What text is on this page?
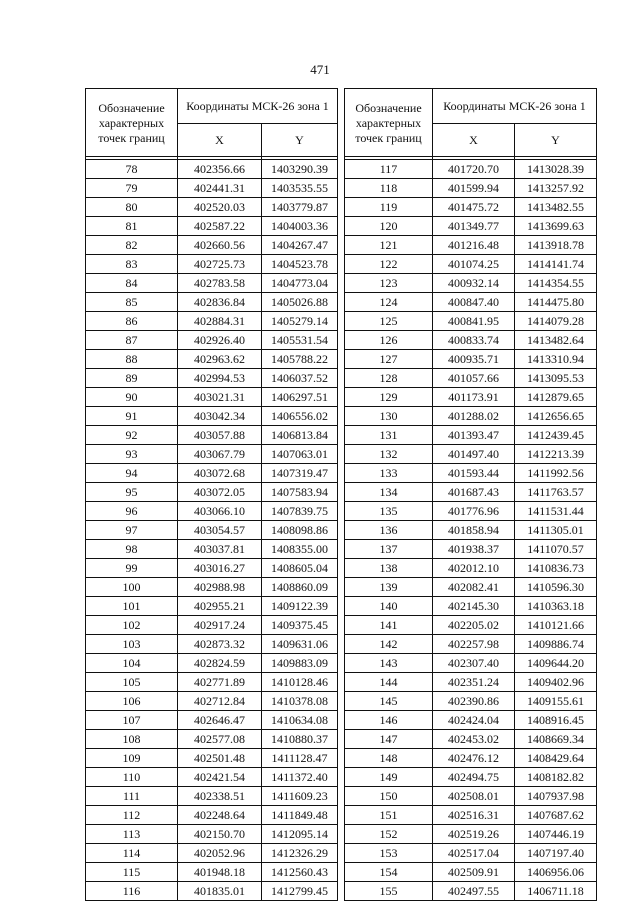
471
Обозначение характерных точек границ	Координаты МСК-26 зона 1	
	X	Y

78	402356.66	1403290.39
79	402441.31	1403535.55
80	402520.03	1403779.87
81	402587.22	1404003.36
82	402660.56	1404267.47
83	402725.73	1404523.78
84	402783.58	1404773.04
85	402836.84	1405026.88
86	402884.31	1405279.14
87	402926.40	1405531.54
88	402963.62	1405788.22
89	402994.53	1406037.52
90	403021.31	1406297.51
91	403042.34	1406556.02
92	403057.88	1406813.84
93	403067.79	1407063.01
94	403072.68	1407319.47
95	403072.05	1407583.94
96	403066.10	1407839.75
97	403054.57	1408098.86
98	403037.81	1408355.00
99	403016.27	1408605.04
100	402988.98	1408860.09
101	402955.21	1409122.39
102	402917.24	1409375.45
103	402873.32	1409631.06
104	402824.59	1409883.09
105	402771.89	1410128.46
106	402712.84	1410378.08
107	402646.47	1410634.08
108	402577.08	1410880.37
109	402501.48	1411128.47
110	402421.54	1411372.40
111	402338.51	1411609.23
112	402248.64	1411849.48
113	402150.70	1412095.14
114	402052.96	1412326.29
115	401948.18	1412560.43
116	401835.01	1412799.45
Обозначение характерных точек границ	Координаты МСК-26 зона 1	
	X	Y

117	401720.70	1413028.39
118	401599.94	1413257.92
119	401475.72	1413482.55
120	401349.77	1413699.63
121	401216.48	1413918.78
122	401074.25	1414141.74
123	400932.14	1414354.55
124	400847.40	1414475.80
125	400841.95	1414079.28
126	400833.74	1413482.64
127	400935.71	1413310.94
128	401057.66	1413095.53
129	401173.91	1412879.65
130	401288.02	1412656.65
131	401393.47	1412439.45
132	401497.40	1412213.39
133	401593.44	1411992.56
134	401687.43	1411763.57
135	401776.96	1411531.44
136	401858.94	1411305.01
137	401938.37	1411070.57
138	402012.10	1410836.73
139	402082.41	1410596.30
140	402145.30	1410363.18
141	402205.02	1410121.66
142	402257.98	1409886.74
143	402307.40	1409644.20
144	402351.24	1409402.96
145	402390.86	1409155.61
146	402424.04	1408916.45
147	402453.02	1408669.34
148	402476.12	1408429.64
149	402494.75	1408182.82
150	402508.01	1407937.98
151	402516.31	1407687.62
152	402519.26	1407446.19
153	402517.04	1407197.40
154	402509.91	1406956.06
155	402497.55	1406711.18
